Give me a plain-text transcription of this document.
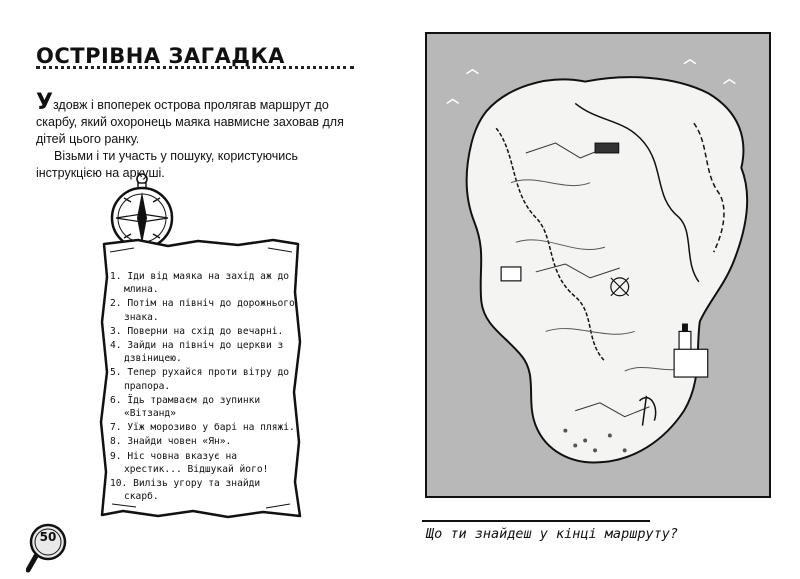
ОСТРІВНА ЗАГАДКА

Уздовж і впоперек острова пролягав маршрут до скарбу, який охоронець маяка навмисне заховав для дітей цього ранку.

Візьми і ти участь у пошуку, користуючись інструкцією на аркуші.

1. Іди від маяка на захід аж до млина.
2. Потім на північ до дорожнього знака.
3. Поверни на схід до вечарні.
4. Зайди на північ до церкви з дзвіницею.
5. Тепер рухайся проти вітру до прапора.
6. Їдь трамваєм до зупинки «Вітзанд»
7. Уїж морозиво у барі на пляжі.
8. Знайди човен «Ян».
9. Ніс човна вказує на хрестик... Відшукай його!
10. Вилізь угору та знайди скарб.
50	Що ти знайдеш у кінці маршруту?
